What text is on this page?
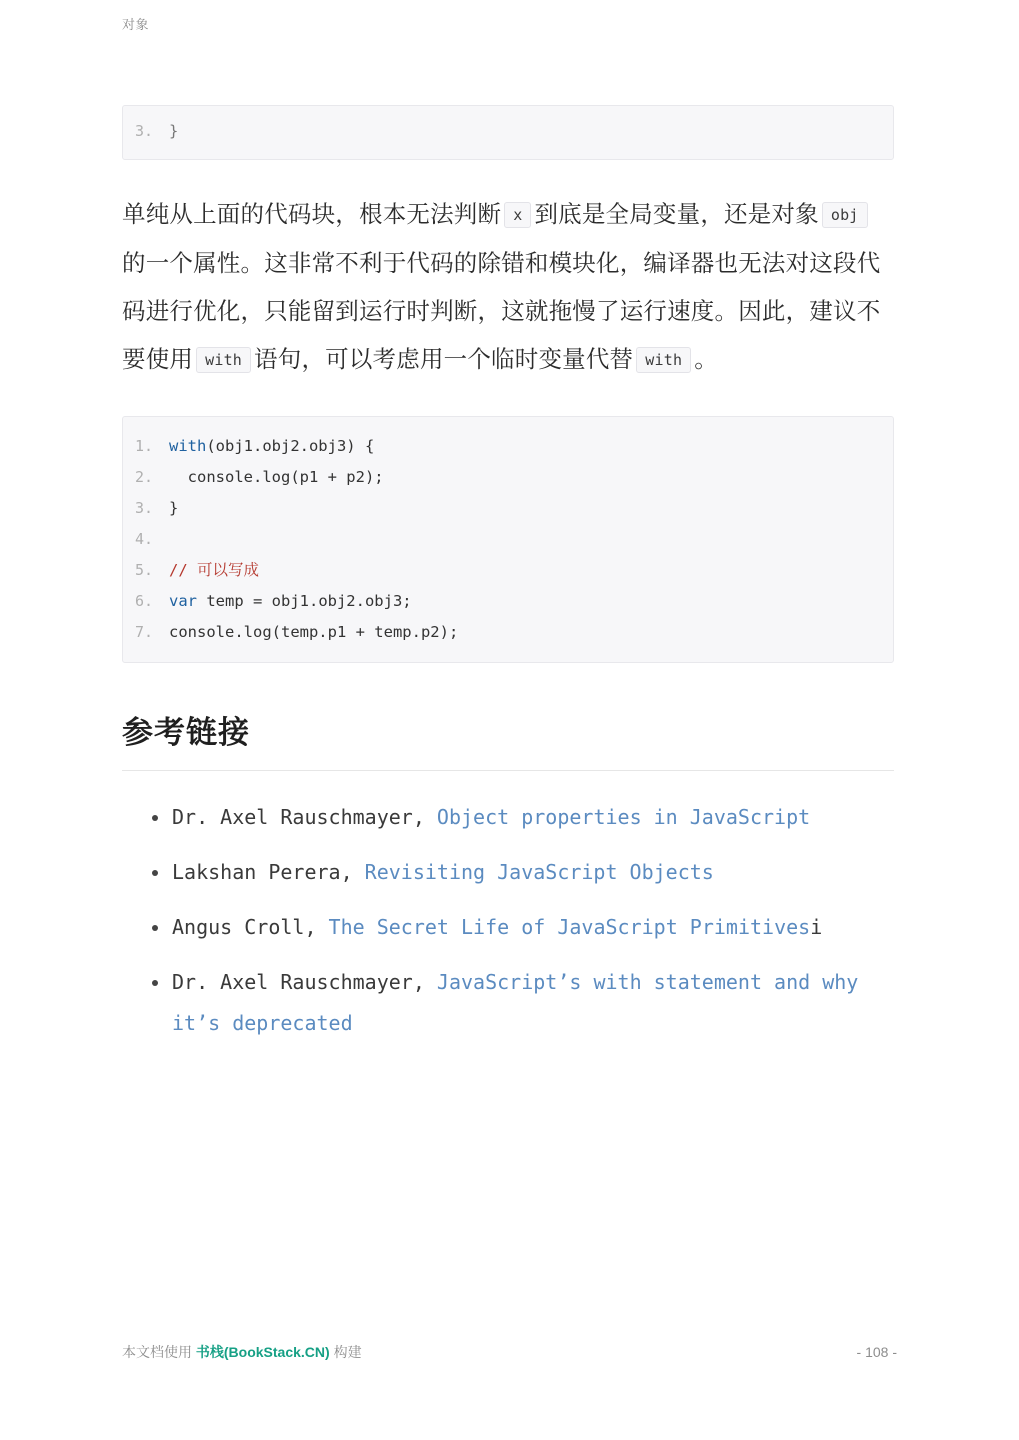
对象
3.	}
单纯从上面的代码块，根本无法判断 x 到底是全局变量，还是对象 obj的一个属性。这非常不利于代码的除错和模块化，编译器也无法对这段代码进行优化，只能留到运行时判断，这就拖慢了运行速度。因此，建议不要使用 with 语句，可以考虑用一个临时变量代替 with 。
1.	with (obj1.obj2.obj3) {
2.	console.log(p1 + p2);
3.	}
4.
5.	// 可以写成
6.	var temp = obj1.obj2.obj3;
7.	console.log(temp.p1 + temp.p2);
参考链接
Dr. Axel Rauschmayer, Object properties in JavaScript
Lakshan Perera, Revisiting JavaScript Objects
Angus Croll, The Secret Life of JavaScript Primitivesi
Dr. Axel Rauschmayer, JavaScript’s with statement and why it’s deprecated
本文档使用 书栈(BookStack.CN) 构建	- 108 -
